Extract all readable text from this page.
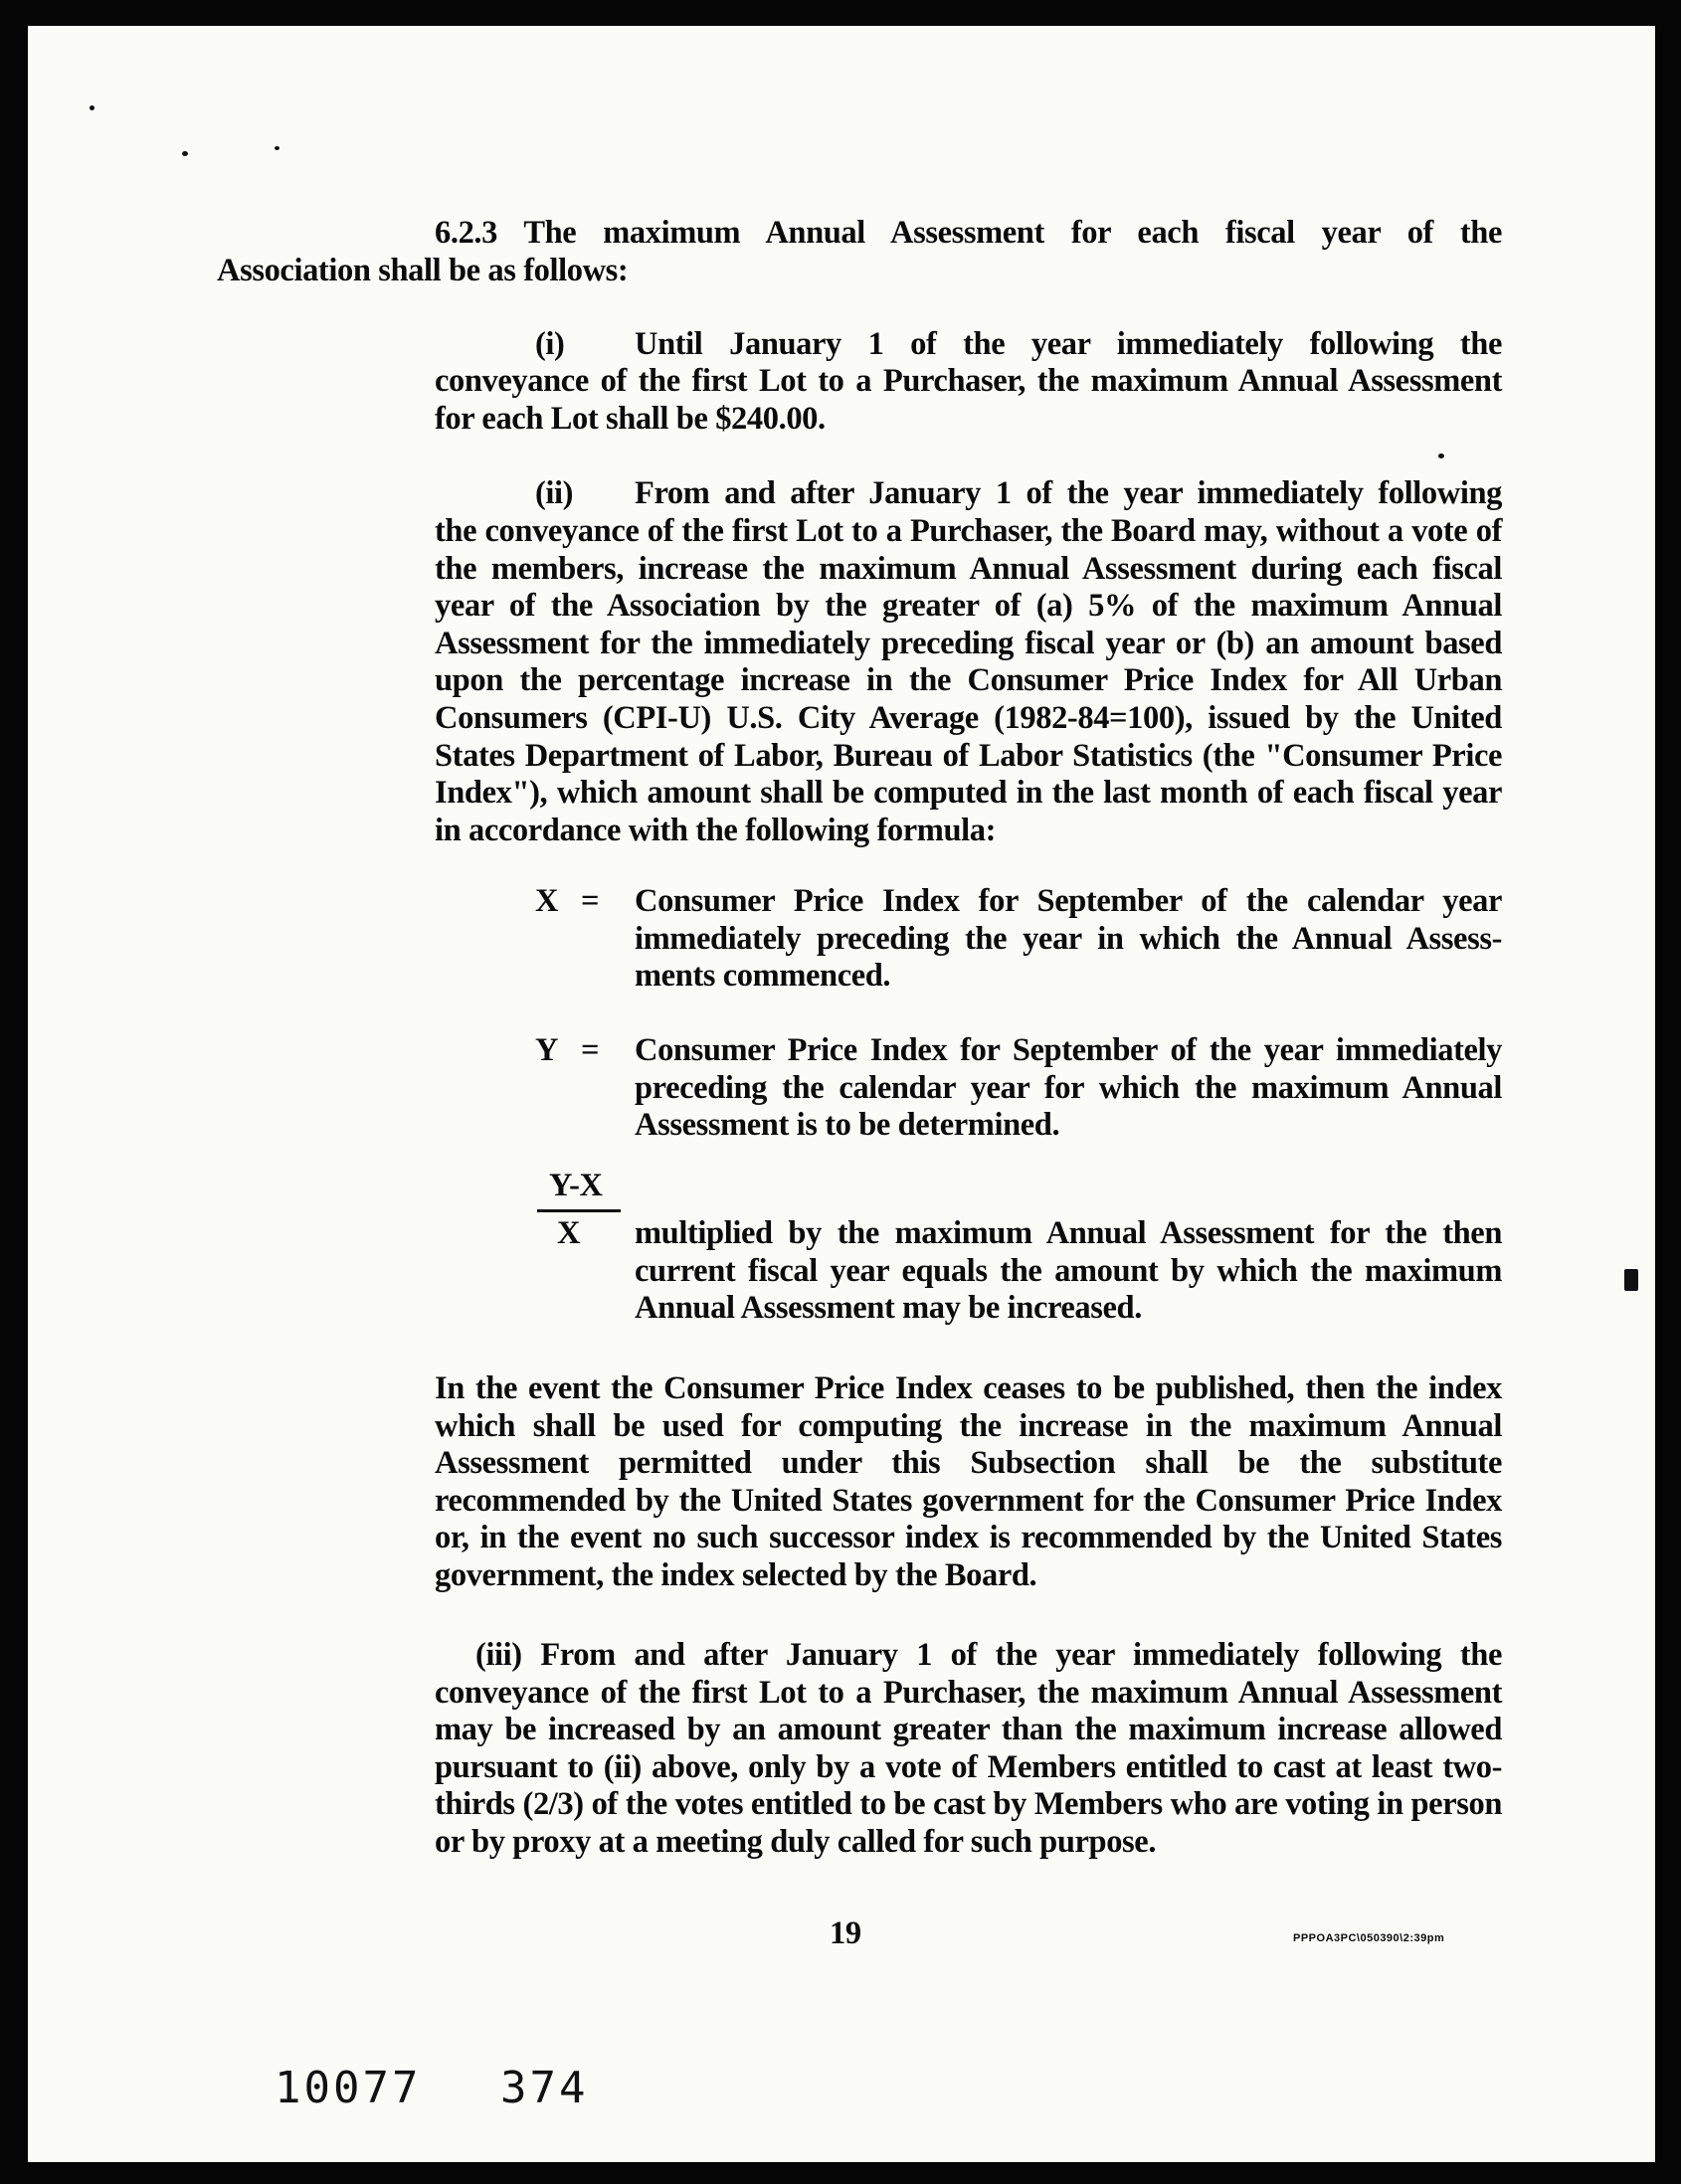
6.2.3 The maximum Annual Assessment for each fiscal year of the
Association shall be as follows:
(i) Until January 1 of the year immediately following the
conveyance of the first Lot to a Purchaser, the maximum Annual Assessment for each Lot shall be $240.00.
(ii) From and after January 1 of the year immediately following
the conveyance of the first Lot to a Purchaser, the Board may, without a vote of the members, increase the maximum Annual Assessment during each fiscal year of the Association by the greater of (a) 5% of the maximum Annual Assessment for the immediately preceding fiscal year or (b) an amount based upon the percentage increase in the Consumer Price Index for All Urban Consumers (CPI-U) U.S. City Average (1982-84=100), issued by the United States Department of Labor, Bureau of Labor Statistics (the "Consumer Price Index"), which amount shall be computed in the last month of each fiscal year in accordance with the following formula:
X = Consumer Price Index for September of the calendar year immediately preceding the year in which the Annual Assess- ments commenced.
Y = Consumer Price Index for September of the year immediately preceding the calendar year for which the maximum Annual Assessment is to be determined.
Y-X
X multiplied by the maximum Annual Assessment for the then current fiscal year equals the amount by which the maximum Annual Assessment may be increased.
In the event the Consumer Price Index ceases to be published, then the index which shall be used for computing the increase in the maximum Annual Assessment permitted under this Subsection shall be the substitute recommended by the United States government for the Consumer Price Index or, in the event no such successor index is recommended by the United States government, the index selected by the Board.
(iii) From and after January 1 of the year immediately following the conveyance of the first Lot to a Purchaser, the maximum Annual Assessment may be increased by an amount greater than the maximum increase allowed pursuant to (ii) above, only by a vote of Members entitled to cast at least two-thirds (2/3) of the votes entitled to be cast by Members who are voting in person or by proxy at a meeting duly called for such purpose.
19	PPPOA3PC\050390\2:39pm
10077 374
